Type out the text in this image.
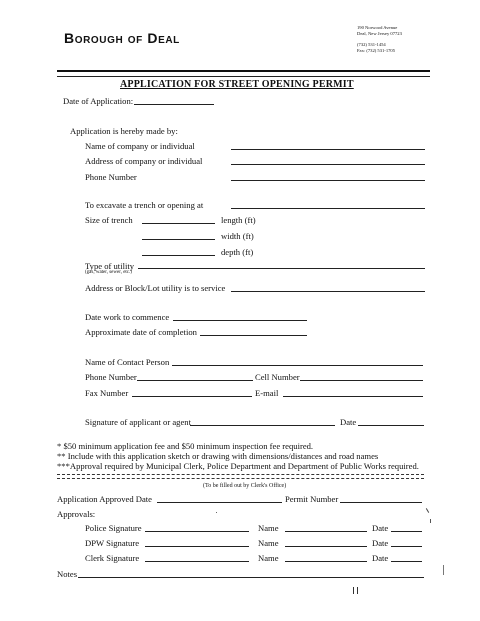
Borough of Deal
190 Norwood Avenue
Deal, New Jersey 07723
(732) 531-1454
Fax: (732) 531-1705
APPLICATION FOR STREET OPENING PERMIT
Date of Application:
Application is hereby made by:
Name of company or individual
Address of company or individual
Phone Number
To excavate a trench or opening at
Size of trench	length (ft)
width (ft)
depth (ft)
Type of utility
(gas, water, sewer, etc.)
Address or Block/Lot utility is to service
Date work to commence
Approximate date of completion
Name of Contact Person
Phone Number	Cell Number
Fax Number	E-mail
Signature of applicant or agent	Date
* $50 minimum application fee and $50 minimum inspection fee required.
** Include with this application sketch or drawing with dimensions/distances and road names
***Approval required by Municipal Clerk, Police Department and Department of Public Works required.
(To be filled out by Clerk's Office)
Application Approved Date	Permit Number
Approvals:
Police Signature	Name	Date
DPW Signature	Name	Date
Clerk Signature	Name	Date
Notes
